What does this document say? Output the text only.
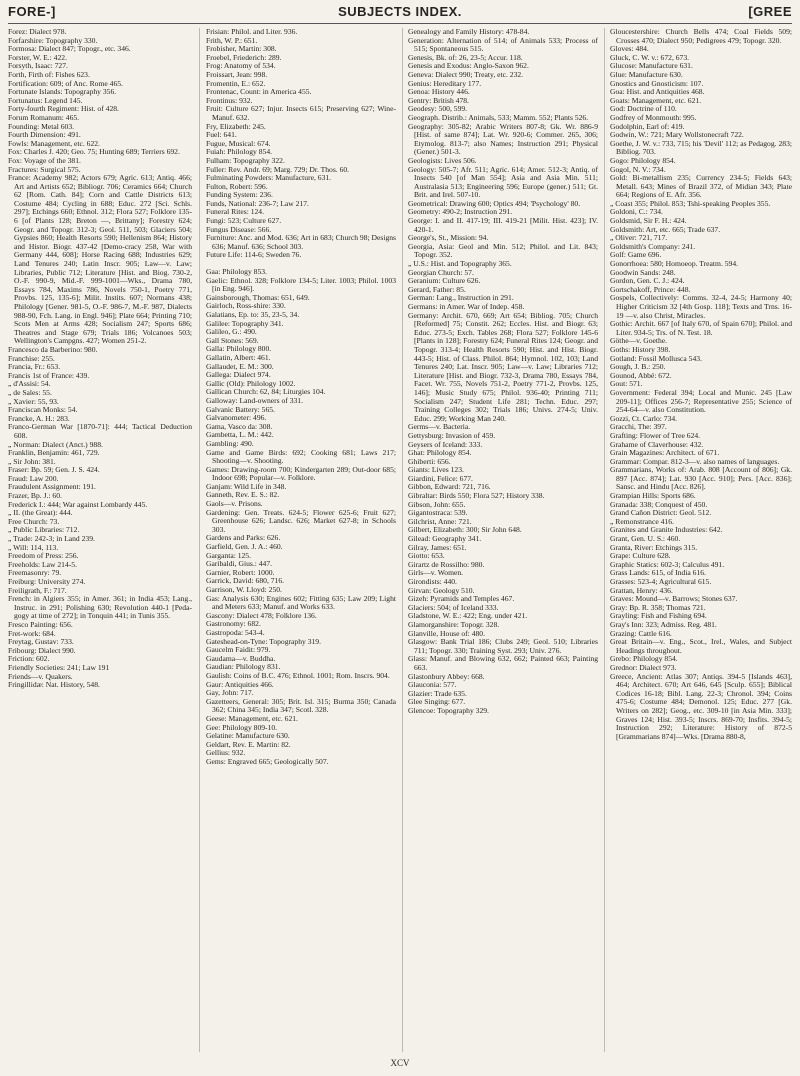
FORE-]	SUBJECTS INDEX.	[GREE

Forez: Dialect 978.

Forfarshire: Topography 330.

Formosa: Dialect 847; Topogr., etc. 346.

Forster, W. E.: 422.

Forsyth, Isaac: 727.

Forth, Firth of: Fishes 623.

Fortification: 609; of Anc. Rome 465.

Fortunate Islands: Topography 356.

Fortunatus: Legend 145.

Forty-fourth Regiment: Hist. of 428.

Forum Romanum: 465.

Founding: Metal 603.

Fourth Dimension: 491.

Fowls: Management, etc. 622.

Fox: Charles J. 420; Geo. 75; Hunting 689; Terriers 692.

Fox: Voyage of the 381.

Fractures: Surgical 575.

France: Academy 982; Actors 679; Agric. 613; Antiq. 466; Art and Artists 652; Bibliogr. 706; Ceramics 664; Church 62 [Rom. Cath. 84]; Corn and Cattle Districts 613; Costume 484; Cycling in 688; Educ. 272 [Sci. Schls. 297]; Etchings 660; Ethnol. 312; Flora 527; Folklore 135-6 [of Plants 128; Breton —, Brittany]; Forestry 624; Geogr. and Topogr. 312-3; Geol. 511, 503; Glaciers 504; Gypsies 860; Health Resorts 590; Hellenism 864; History and Histor. Biogr. 437-42 [Demo-cracy 258, War with Germany 444, 608]; Horse Racing 688; Industries 629; Land Tenures 240; Latin Inscr. 905; Law—v. Law; Libraries, Public 712; Literature [Hist. and Biog. 730-2, O.-F. 990-9, Mid.-F. 999-1001—Wks., Drama 780, Essays 784, Maxims 786, Novels 750-1, Poetry 771, Provbs. 125, 135-6]; Milit. Instits. 607; Normans 438; Philology [Gener. 981-5, O.-F. 986-7, M.-F. 987, Dialects 988-90, Fch. Lang. in Engl. 946]; Plate 664; Printing 710; Scots Men at Arms 428; Socialism 247; Sports 686; Theatres and Stage 679; Trials 186; Volcanoes 503; Wellington's Campgns. 427; Women 251-2.

Francesco da Barberino: 980.

Franchise: 255.

Francia, Fr.: 653.

Francis 1st of France: 439.

„ d'Assisi: 54.

„ de Sales: 55.

„ Xavier: 55, 93.

Franciscan Monks: 54.

Francke, A. H.: 283.

Franco-German War [1870-71]: 444; Tactical Deduction 608.

„ Norman: Dialect (Anct.) 988.

Franklin, Benjamin: 461, 729.

„ Sir John: 381.

Fraser: Bp. 59; Gen. J. S. 424.

Fraud: Law 200.

Fraudulent Assignment: 191.

Frazer, Bp. J.: 60.

Frederick I.: 444; War against Lombardy 445.

„ II. (the Great): 444.

Free Church: 73.

„ Public Libraries: 712.

„ Trade: 242-3; in Land 239.

„ Will: 114, 113.

Freedom of Press: 256.

Freeholds: Law 214-5.

Freemasonry: 79.

Freiburg: University 274.

Freiligrath, F.: 717.

French: in Algiers 355; in Amer. 361; in India 453; Lang., Instruc. in 291; Polishing 630; Revolution 440-1 [Peda-gogy at time of 272]; in Tonquin 441; in Tunis 355.

Fresco Painting: 656.

Fret-work: 684.

Freytag, Gustav: 733.

Fribourg: Dialect 990.

Friction: 602.

Friendly Societies: 241; Law 191

Friends—v. Quakers.

Fringillidæ: Nat. History, 548.

Frisian: Philol. and Liter. 936.

Frith, W. P.: 651.

Frobisher, Martin: 308.

Froebel, Friederich: 289.

Frog: Anatomy of 534.

Froissart, Jean: 998.

Fromentin, E.: 652.

Frontenac, Count: in America 455.

Frontinus: 932.

Fruit: Culture 627; Injur. Insects 615; Preserving 627; Wine-Manuf. 632.

Fry, Elizabeth: 245.

Fuel: 641.

Fugue, Musical: 674.

Fuiah: Philology 854.

Fulham: Topography 322.

Fuller: Rev. Andr. 69; Marg. 729; Dr. Thos. 60.

Fulminating Powders: Manufacture, 631.

Fulton, Robert: 596.

Funding System: 236.

Funds, National: 236-7; Law 217.

Funeral Rites: 124.

Fungi: 523; Culture 627.

Fungus Disease: 566.

Furniture: Anc. and Mod. 636; Art in 683; Church 98; Designs 636; Manuf. 636; School 303.

Future Life: 114-6; Sweden 76.

Gaa: Philology 853.

Gaelic: Ethnol. 328; Folklore 134-5; Liter. 1003; Philol. 1003 [in Eng. 946].

Gainsborough, Thomas: 651, 649.

Gairloch, Ross-shire: 330.

Galatians, Ep. to: 35, 23-5, 34.

Galilee: Topography 341.

Galileo, G.: 490.

Gall Stones: 569.

Galla: Philology 800.

Gallatin, Albert: 461.

Gallaudet, E. M.: 300.

Gallega: Dialect 974.

Gallic (Old): Philology 1002.

Gallican Church: 62, 84; Liturgies 104.

Galloway: Land-owners of 331.

Galvanic Battery: 565.

Galvanometer: 496.

Gama, Vasco da: 308.

Gambetta, L. M.: 442.

Gambling: 490.

Game and Game Birds: 692; Cooking 681; Laws 217; Shooting—v. Shooting.

Games: Drawing-room 700; Kindergarten 289; Out-door 685; Indoor 698; Popular—v. Folklore.

Ganjam: Wild Life in 348.

Ganneth, Rev. E. S.: 82.

Gaols—v. Prisons.

Gardening: Gen. Treats. 624-5; Flower 625-6; Fruit 627; Greenhouse 626; Landsc. 626; Market 627-8; in Schools 303.

Gardens and Parks: 626.

Garfield, Gen. J. A.: 460.

Garganta: 125.

Garibaldi, Gius.: 447.

Garnier, Robert: 1000.

Garrick, David: 680, 716.

Garrison, W. Lloyd: 250.

Gas: Analysis 630; Engines 602; Fitting 635; Law 209; Light and Meters 633; Manuf. and Works 633.

Gascony: Dialect 478; Folklore 136.

Gastronomy: 682.

Gastropoda: 543-4.

Gateshead-on-Tyne: Topography 319.

Gaucelm Faidit: 979.

Gaudama—v. Buddha.

Gaudian: Philology 831.

Gaulish: Coins of B.C. 476; Ethnol. 1001; Rom. Inscrs. 904.

Gaur: Antiquities 466.

Gay, John: 717.

Gazetteers, General: 305; Brit. Isl. 315; Burma 350; Canada 362; China 345; India 347; Scotl. 328.

Geese: Management, etc. 621.

Gee: Philology 809-10.

Gelatine: Manufacture 630.

Geldart, Rev. E. Martin: 82.

Gellius: 932.

Gems: Engraved 665; Geologically 507.

Genealogy and Family History: 478-84.

Generation: Alternation of 514; of Animals 533; Process of 515; Spontaneous 515.

Genesis, Bk. of: 26, 23-5; Accur. 118.

Genesis and Exodus: Anglo-Saxon 962.

Geneva: Dialect 990; Treaty, etc. 232.

Genius: Hereditary 177.

Genoa: History 446.

Gentry: British 478.

Geodesy: 500, 599.

Geograph. Distrib.: Animals, 533; Mamm. 552; Plants 526.

Geography: 305-82; Arabic Writers 807-8; Gk. Wr. 886-9 [Hist. of same 874]; Lat. Wr. 920-6; Commer. 265, 306; Etymolog. 813-7; also Names; Instruction 291; Physical (Gener.) 501-3.

Geologists: Lives 506.

Geology: 505-7; Afr. 511; Agric. 614; Amer. 512-3; Antiq. of Insects 540 [of Man 554]; Asia and Asia Min. 511; Australasia 513; Engineering 596; Europe (gener.) 511; Gt. Brit. and Irel. 507-10.

Geometrical: Drawing 600; Optics 494; 'Psychology' 80.

Geometry: 490-2; Instruction 291.

George: I. and II. 417-19; III. 419-21 [Milit. Hist. 423]; IV. 420-1.

George's, St., Mission: 94.

Georgia, Asia: Geol and Min. 512; Philol. and Lit. 843; Topogr. 352.

„ U.S.: Hist. and Topography 365.

Georgian Church: 57.

Geranium: Culture 626.

Gerard, Father: 85.

German: Lang., Instruction in 291.

Germans: in Amer. War of Indep. 458.

Germany: Archit. 670, 669; Art 654; Bibliog. 705; Church [Reformed] 75; Constit. 262; Eccles. Hist. and Biogr. 63; Educ. 273-5; Exch. Tables 268; Flora 527; Folklore 145-6 [Plants in 128]; Forestry 624; Funeral Rites 124; Geogr. and Topogr. 313-4; Health Resorts 590; Hist. and Hist. Biogr. 443-5; Hist. of Class. Philol. 864; Hymnol. 102, 103; Land Tenures 240; Lat. Inscr. 905; Law—v. Law; Libraries 712; Literature [Hist. and Biogr. 732-3, Drama 780, Essays 784, Facet. Wr. 755, Novels 751-2, Poetry 771-2, Provbs. 125, 146]; Music Study 675; Philol. 936-40; Printing 711; Socialism 247; Student Life 281; Techn. Educ. 297; Training Colleges 302; Trials 186; Univs. 274-5; Univ. Educ. 299; Working Man 240.

Germs—v. Bacteria.

Gettysburg: Invasion of 459.

Geysers of Iceland: 333.

Ghat: Philology 854.

Ghiberti: 656.

Giants: Lives 123.

Giardini, Felice: 677.

Gibbon, Edward: 721, 716.

Gibraltar: Birds 550; Flora 527; History 338.

Gibson, John: 655.

Gigantostraca: 539.

Gilchrist, Anne: 721.

Gilbert, Elizabeth: 300; Sir John 648.

Gilead: Geography 341.

Gilray, James: 651.

Giotto: 653.

Girartz de Rossilho: 980.

Girls—v. Women.

Girondists: 440.

Girvan: Geology 510.

Gizeh: Pyramids and Temples 467.

Glaciers: 504; of Iceland 333.

Gladstone, W. E.: 422; Eng. under 421.

Glamorganshire: Topogr. 328.

Glanville, House of: 480.

Glasgow: Bank Trial 186; Clubs 249; Geol. 510; Libraries 711; Topogr. 330; Training Syst. 293; Univ. 276.

Glass: Manuf. and Blowing 632, 662; Painted 663; Painting 663.

Glastonbury Abbey: 668.

Glauconia: 577.

Glazier: Trade 635.

Glee Singing: 677.

Glencoe: Topography 329.

Gloucestershire: Church Bells 474; Coal Fields 509; Crosses 470; Dialect 950; Pedigrees 479; Topogr. 320.

Gloves: 484.

Gluck, C. W. v.: 672, 673.

Glucose: Manufacture 631.

Glue: Manufacture 630.

Gnostics and Gnosticism: 107.

Goa: Hist. and Antiquities 468.

Goats: Management, etc. 621.

God: Doctrine of 110.

Godfrey of Monmouth: 995.

Godolphin, Earl of: 419.

Godwin, W.: 721; Mary Wollstonecraft 722.

Goethe, J. W. v.: 733, 715; his 'Devil' 112; as Pedagog. 283; Bibliog. 703.

Gogo: Philology 854.

Gogol, N. V.: 734.

Gold: Bi-metallism 235; Currency 234-5; Fields 643; Metall. 643; Mines of Brazil 372, of Midian 343; Plate 664; Regions of E. Afr. 356.

„ Coast 355; Philol. 853; Tshi-speaking Peoples 355.

Goldoni, C.: 734.

Goldsmid, Sir F. H.: 424.

Goldsmith: Art, etc. 665; Trade 637.

„ Oliver: 721, 717.

Goldsmith's Company: 241.

Golf: Game 696.

Gonorrhoea: 580; Homoeop. Treatm. 594.

Goodwin Sands: 248.

Gordon, Gen. C. J.: 424.

Gortschakoff, Prince: 448.

Gospels, Collectively: Comms. 32-4, 24-5; Harmony 40; Higher Criticism 32 [4th Gosp. 118]; Texts and Trns. 16-19 —v. also Christ, Miracles.

Gothic: Archit. 667 [of Italy 670, of Spain 670]; Philol. and Liter. 934-5; Trs. of N. Test. 18.

Göthe—v. Goethe.

Goths: History 398.

Gotland: Fossil Mollusca 543.

Gough, J. B.: 250.

Gounod, Abbé: 672.

Gout: 571.

Government: Federal 394; Local and Munic. 245 [Law 209-11]; Offices 256-7; Representative 255; Science of 254-64—v. also Constitution.

Gozzi, Ct. Carlo: 734.

Gracchi, The: 397.

Grafting: Flower of Tree 624.

Grahame of Claverhouse: 432.

Grain Magazines: Architect. of 671.

Grammar: Compar. 812-3—v. also names of languages.

Grammarians, Works of: Arab. 808 [Account of 806]; Gk. 897 [Acc. 874]; Lat. 930 [Acc. 910]; Pers. [Acc. 836]; Sansc. and Hindu [Acc. 826].

Grampian Hills: Sports 686.

Granada: 338; Conquest of 450.

Grand Cañon District: Geol. 512.

„ Remonstrance 416.

Granites and Granite Industries: 642.

Grant, Gen. U. S.: 460.

Granta, River: Etchings 315.

Grape: Culture 628.

Graphic Statics: 602-3; Calculus 491.

Grass Lands: 615, of India 616.

Grasses: 523-4; Agricultural 615.

Grattan, Henry: 436.

Graves: Mound—v. Barrows; Stones 637.

Gray: Bp. R. 358; Thomas 721.

Grayling: Fish and Fishing 694.

Gray's Inn: 323; Admiss. Reg. 481.

Grazing: Cattle 616.

Great Britain—v. Eng., Scot., Irel., Wales, and Subject Headings throughout.

Grebo: Philology 854.

Grednor: Dialect 973.

Greece, Ancient: Atlas 307; Antiqs. 394-5 [Islands 463], 464; Architect. 670; Art 646, 645 [Sculp. 655]; Biblical Codices 16-18; Bibl. Lang. 22-3; Chronol. 394; Coins 475-6; Costume 484; Demonol. 125; Educ. 277 [Gk. Writers on 282]; Geog., etc. 309-10 [in Asia Min. 333]; Graves 124; Hist. 393-5; Inscrs. 869-70; Insfits. 394-5; Instruction 292; Literature: History of 872-5 [Grammarians 874]—Wks. [Drama 880-8,

XCV
